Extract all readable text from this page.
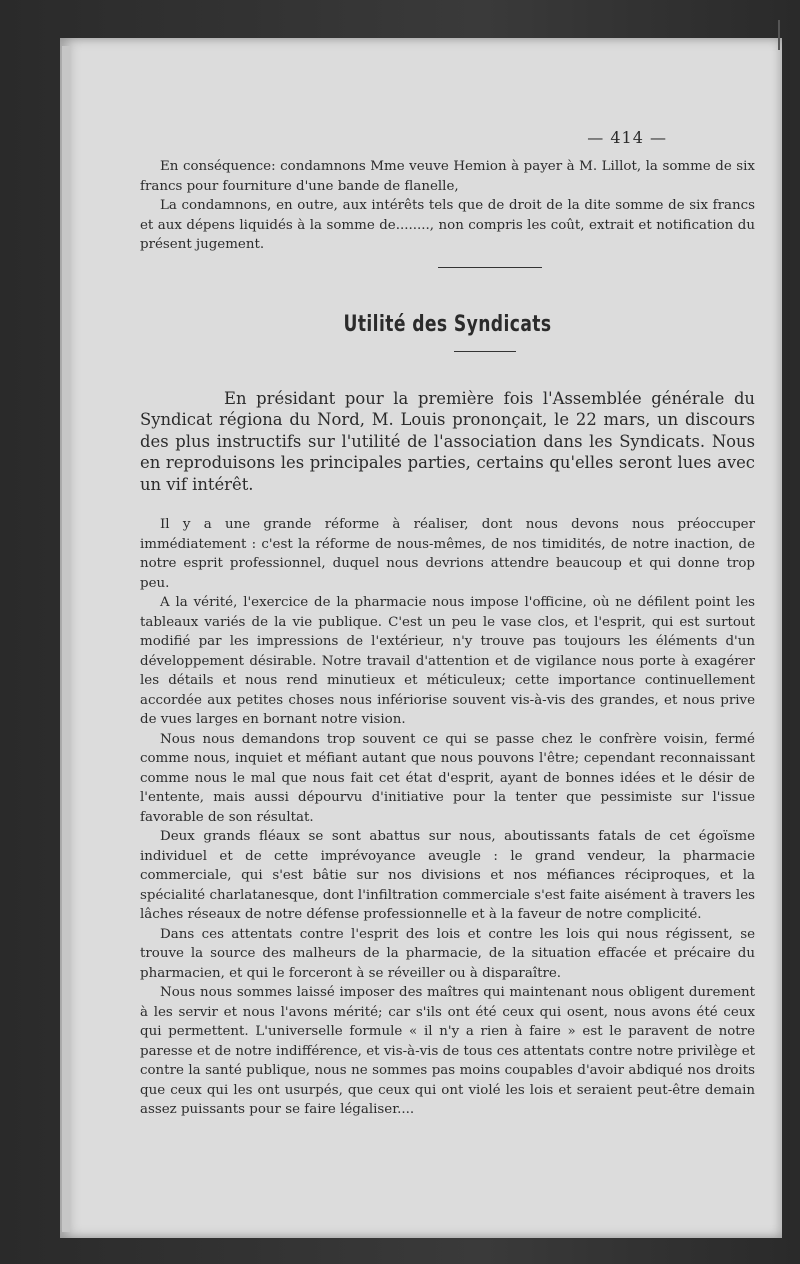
— 414 —

En conséquence: condamnons Mme veuve Hemion à payer à M. Lillot, la somme de six francs pour fourniture d'une bande de flanelle,

La condamnons, en outre, aux intérêts tels que de droit de la dite somme de six francs et aux dépens liquidés à la somme de........, non compris les coût, extrait et notification du présent jugement.

Utilité des Syndicats

En présidant pour la première fois l'Assemblée générale du Syndicat régiona du Nord, M. Louis prononçait, le 22 mars, un discours des plus instructifs sur l'utilité de l'association dans les Syndicats. Nous en reproduisons les principales parties, certains qu'elles seront lues avec un vif intérêt.

Il y a une grande réforme à réaliser, dont nous devons nous préoccuper immédiatement : c'est la réforme de nous-mêmes, de nos timidités, de notre inaction, de notre esprit professionnel, duquel nous devrions attendre beaucoup et qui donne trop peu.

A la vérité, l'exercice de la pharmacie nous impose l'officine, où ne défilent point les tableaux variés de la vie publique. C'est un peu le vase clos, et l'esprit, qui est surtout modifié par les impressions de l'extérieur, n'y trouve pas toujours les éléments d'un développement désirable. Notre travail d'attention et de vigilance nous porte à exagérer les détails et nous rend minutieux et méticuleux; cette importance continuellement accordée aux petites choses nous infériorise souvent vis-à-vis des grandes, et nous prive de vues larges en bornant notre vision.

Nous nous demandons trop souvent ce qui se passe chez le confrère voisin, fermé comme nous, inquiet et méfiant autant que nous pouvons l'être; cependant reconnaissant comme nous le mal que nous fait cet état d'esprit, ayant de bonnes idées et le désir de l'entente, mais aussi dépourvu d'initiative pour la tenter que pessimiste sur l'issue favorable de son résultat.

Deux grands fléaux se sont abattus sur nous, aboutissants fatals de cet égoïsme individuel et de cette imprévoyance aveugle : le grand vendeur, la pharmacie commerciale, qui s'est bâtie sur nos divisions et nos méfiances réciproques, et la spécialité charlatanesque, dont l'infiltration commerciale s'est faite aisément à travers les lâches réseaux de notre défense professionnelle et à la faveur de notre complicité.

Dans ces attentats contre l'esprit des lois et contre les lois qui nous régissent, se trouve la source des malheurs de la pharmacie, de la situation effacée et précaire du pharmacien, et qui le forceront à se réveiller ou à disparaître.

Nous nous sommes laissé imposer des maîtres qui maintenant nous obligent durement à les servir et nous l'avons mérité; car s'ils ont été ceux qui osent, nous avons été ceux qui permettent. L'universelle formule « il n'y a rien à faire » est le paravent de notre paresse et de notre indifférence, et vis-à-vis de tous ces attentats contre notre privilège et contre la santé publique, nous ne sommes pas moins coupables d'avoir abdiqué nos droits que ceux qui les ont usurpés, que ceux qui ont violé les lois et seraient peut-être demain assez puissants pour se faire légaliser....
